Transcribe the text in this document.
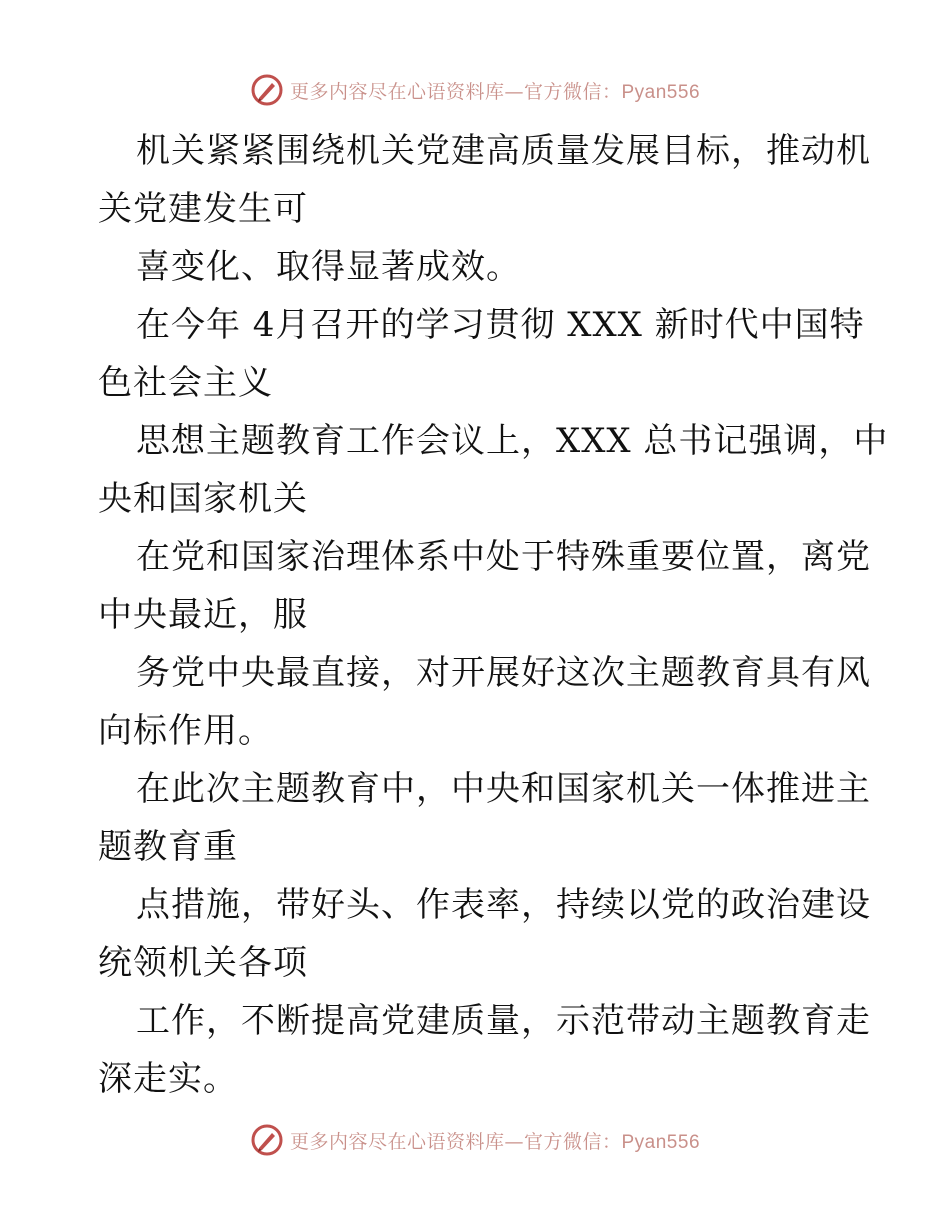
更多内容尽在心语资料库—官方微信：Pyan556
机关紧紧围绕机关党建高质量发展目标，推动机
关党建发生可
喜变化、取得显著成效。
在今年 4月召开的学习贯彻 XXX 新时代中国特
色社会主义
思想主题教育工作会议上，XXX 总书记强调，中
央和国家机关
在党和国家治理体系中处于特殊重要位置，离党
中央最近，服
务党中央最直接，对开展好这次主题教育具有风
向标作用。
在此次主题教育中，中央和国家机关一体推进主
题教育重
点措施，带好头、作表率，持续以党的政治建设
统领机关各项
工作，不断提高党建质量，示范带动主题教育走
深走实。
更多内容尽在心语资料库—官方微信：Pyan556
